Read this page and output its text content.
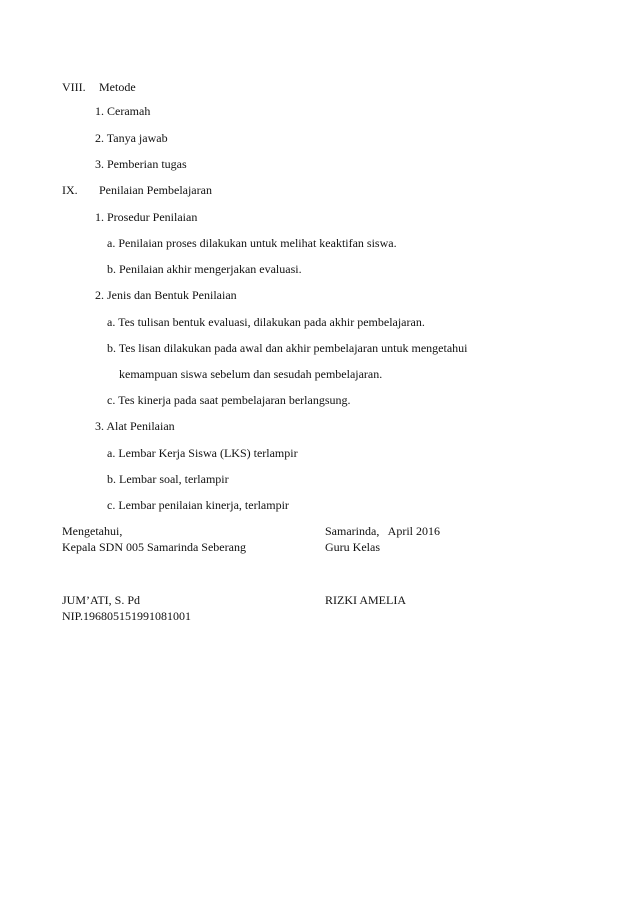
VIII. Metode
1. Ceramah
2. Tanya jawab
3. Pemberian tugas
IX. Penilaian Pembelajaran
1. Prosedur Penilaian
a. Penilaian proses dilakukan untuk melihat keaktifan siswa.
b. Penilaian akhir mengerjakan evaluasi.
2. Jenis dan Bentuk Penilaian
a. Tes tulisan bentuk evaluasi, dilakukan pada akhir pembelajaran.
b. Tes lisan dilakukan pada awal dan akhir pembelajaran untuk mengetahui
kemampuan siswa sebelum dan sesudah pembelajaran.
c. Tes kinerja pada saat pembelajaran berlangsung.
3. Alat Penilaian
a. Lembar Kerja Siswa (LKS) terlampir
b. Lembar soal, terlampir
c. Lembar penilaian kinerja, terlampir
Mengetahui,
Kepala SDN 005 Samarinda Seberang
Samarinda,   April 2016
Guru Kelas
JUM’ATI, S. Pd
NIP.196805151991081001
RIZKI AMELIA
